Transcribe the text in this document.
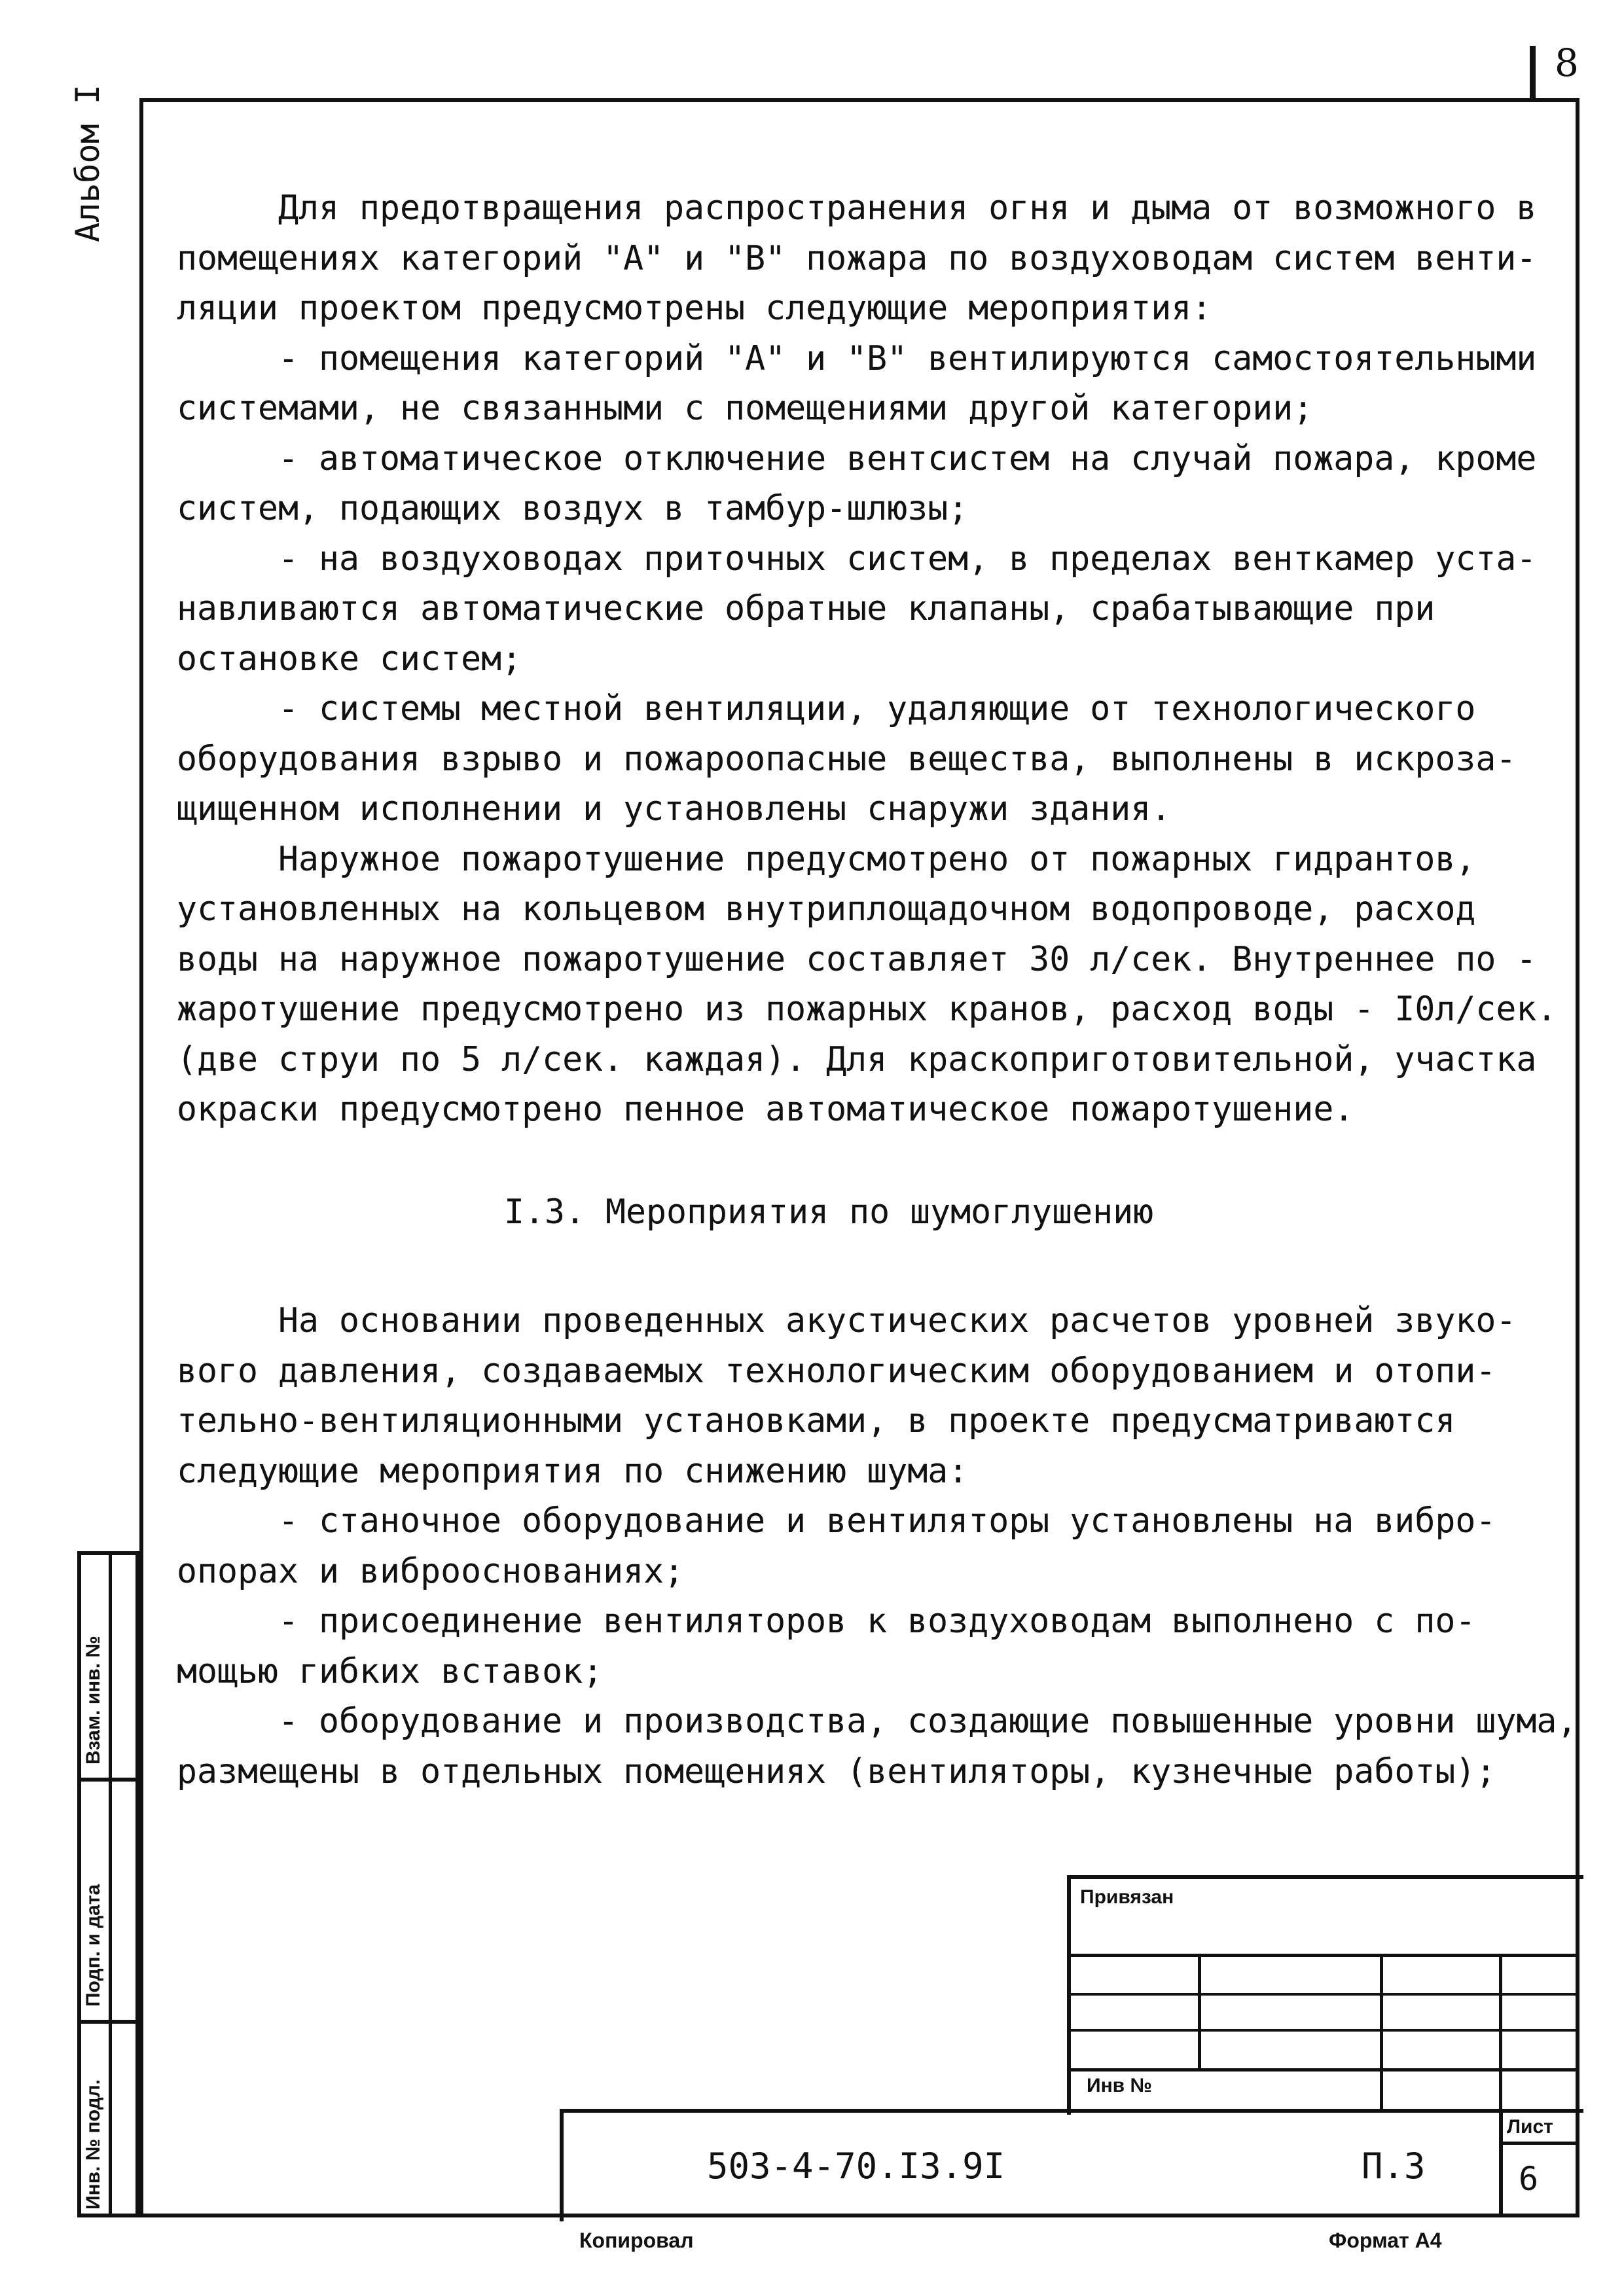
8
Альбом I	Для предотвращения распространения огня и дыма от возможного в
помещениях категорий "А" и "В" пожара по воздуховодам систем венти-
ляции проектом предусмотрены следующие мероприятия:
- помещения категорий "А" и "В" вентилируются самостоятельными
системами, не связанными с помещениями другой категории;
- автоматическое отключение вентсистем на случай пожара, кроме
систем, подающих воздух в тамбур-шлюзы;
- на воздуховодах приточных систем, в пределах венткамер уста-
навливаются автоматические обратные клапаны, срабатывающие при
остановке систем;
- системы местной вентиляции, удаляющие от технологического
оборудования взрыво и пожароопасные вещества, выполнены в искроза-
щищенном исполнении и установлены снаружи здания.
Наружное пожаротушение предусмотрено от пожарных гидрантов,
установленных на кольцевом внутриплощадочном водопроводе, расход
воды на наружное пожаротушение составляет 30 л/сек. Внутреннее по -
жаротушение предусмотрено из пожарных кранов, расход воды - I0л/сек.
(две струи по 5 л/сек. каждая). Для краскоприготовительной, участка
окраски предусмотрено пенное автоматическое пожаротушение.
I.3. Мероприятия по шумоглушению
На основании проведенных акустических расчетов уровней звуко-
вого давления, создаваемых технологическим оборудованием и отопи-
тельно-вентиляционными установками, в проекте предусматриваются
следующие мероприятия по снижению шума:
- станочное оборудование и вентиляторы установлены на вибро-
опорах и виброоснованиях;
- присоединение вентиляторов к воздуховодам выполнено с по-
мощью гибких вставок;
- оборудование и производства, создающие повышенные уровни шума,
размещены в отдельных помещениях (вентиляторы, кузнечные работы);
Взам. инв. №
Подп. и дата
Инв. № подл.
Привязан
Инв №
503-4-70.I3.9I	П.3
Лист
6
Копировал	Формат А4
